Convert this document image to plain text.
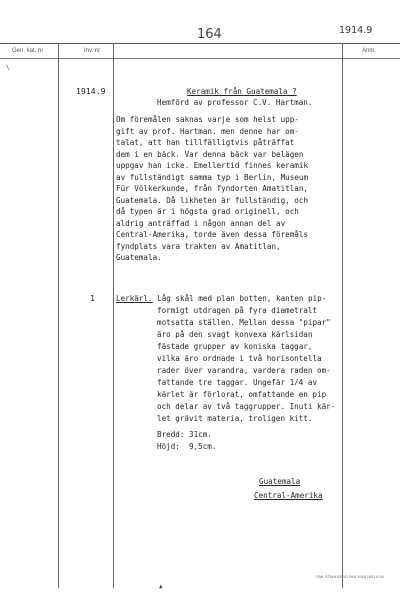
164	1914.9
Gen. kat. nr	Inv. nr	Anm.
\
▲
1914.9	Keramik från Guatemala ?
Hemförd av professor C.V. Hartman.
Om föremålen saknas varje som helst upp-
gift av prof. Hartman. men denne har om-
talat, att han tillfälligtvis påträffat
dem i en bäck. Var denna bäck var belägen
uppgav han icke. Emellertid finnes keramik
av fullständigt samma typ i Berlin, Museum
Für Völkerkunde, från fyndorten Amatitlan,
Guatemala. Då likheten är fullständig, och
då typen är i högsta grad originell, och
aldrig anträffad i någon annan del av
Central-Amerika, torde även dessa föremåls
fyndplats vara trakten av Amatitlan,
Guatemala.
1	Lerkärl. Låg skål med plan botten, kanten pip-
formigt utdragen på fyra diametralt
motsatta ställen. Mellan dessa "pipar"
äro på den svagt konvexa kärlsidan
fästade grupper av koniska taggar,
vilka äro ordnade i två horisontella
rader över varandra, vardera raden om-
fattande tre taggar. Ungefär 1/4 av
kärlet är förlorat, omfattande en pip
och delar av två taggrupper. Inuti kär-
let grävit materia, troligen kitt.
Bredd: 31cm.
Höjd:  9,5cm.
Guatemala
Central-Amerika
GML STAHLBERG PAK 1918 7451 6 69
